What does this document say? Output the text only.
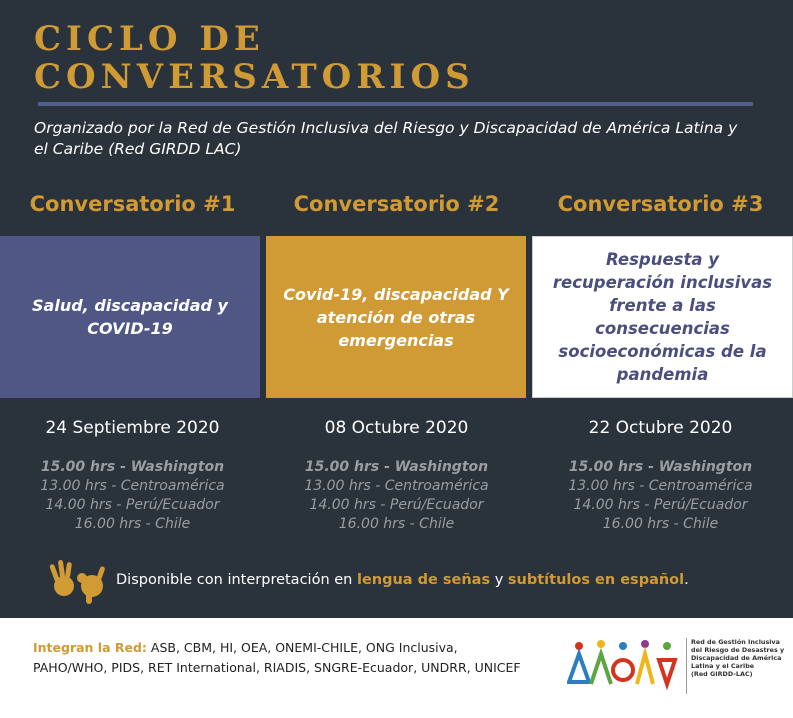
CICLO DE
CONVERSATORIOS
Organizado por la Red de Gestión Inclusiva del Riesgo y Discapacidad de América Latina y el Caribe (Red GIRDD LAC)
Conversatorio #1
Salud, discapacidad y COVID-19
24 Septiembre 2020
15.00 hrs - Washington
13.00 hrs - Centroamérica
14.00 hrs - Perú/Ecuador
16.00 hrs - Chile
Conversatorio #2
Covid-19, discapacidad Y atención de otras emergencias
08 Octubre 2020
15.00 hrs - Washington
13.00 hrs - Centroamérica
14.00 hrs - Perú/Ecuador
16.00 hrs - Chile
Conversatorio #3
Respuesta y recuperación inclusivas frente a las consecuencias socioeconómicas de la pandemia
22 Octubre 2020
15.00 hrs - Washington
13.00 hrs - Centroamérica
14.00 hrs - Perú/Ecuador
16.00 hrs - Chile
Disponible con interpretación en lengua de señas y subtítulos en español.
Integran la Red: ASB, CBM, HI, OEA, ONEMI-CHILE, ONG Inclusiva,
PAHO/WHO, PIDS, RET International, RIADIS, SNGRE-Ecuador, UNDRR, UNICEF
Red de Gestión Inclusiva
del Riesgo de Desastres y
Discapacidad de América
Latina y el Caribe
(Red GIRDD-LAC)
